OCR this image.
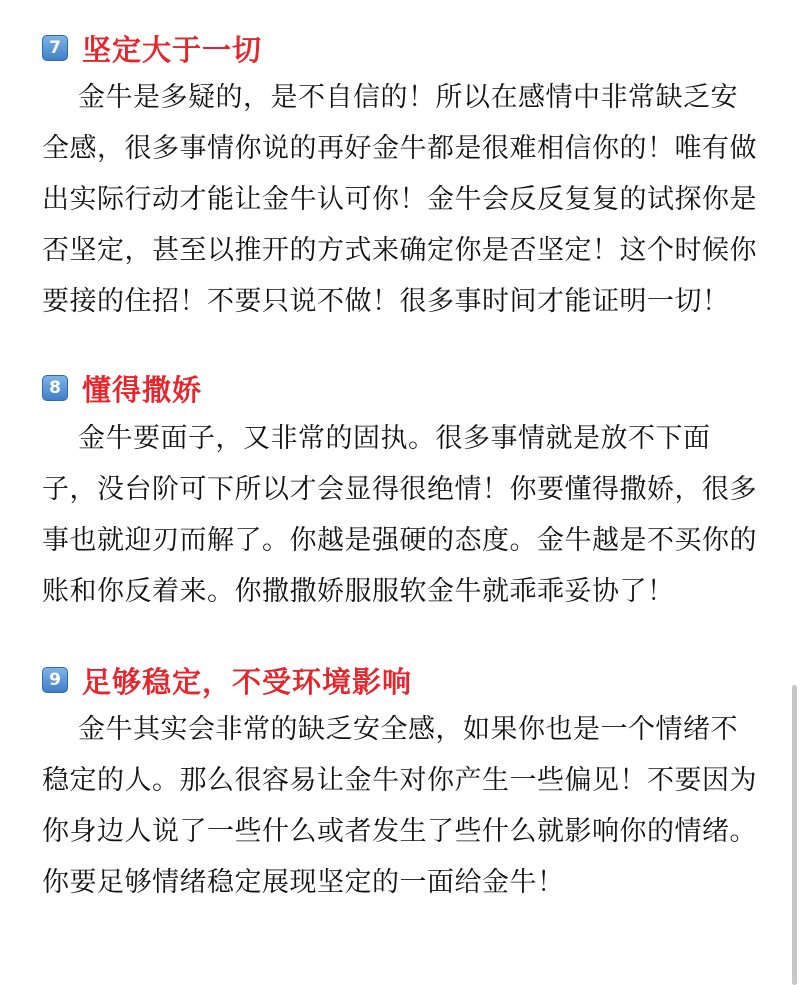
7 坚定大于一切
金牛是多疑的，是不自信的！所以在感情中非常缺乏安全感，很多事情你说的再好金牛都是很难相信你的！唯有做出实际行动才能让金牛认可你！金牛会反反复复的试探你是否坚定，甚至以推开的方式来确定你是否坚定！这个时候你要接的住招！不要只说不做！很多事时间才能证明一切！
8 懂得撒娇
金牛要面子，又非常的固执。很多事情就是放不下面子，没台阶可下所以才会显得很绝情！你要懂得撒娇，很多事也就迎刃而解了。你越是强硬的态度。金牛越是不买你的账和你反着来。你撒撒娇服服软金牛就乖乖妥协了！
9 足够稳定，不受环境影响
金牛其实会非常的缺乏安全感，如果你也是一个情绪不稳定的人。那么很容易让金牛对你产生一些偏见！不要因为你身边人说了一些什么或者发生了些什么就影响你的情绪。你要足够情绪稳定展现坚定的一面给金牛！
